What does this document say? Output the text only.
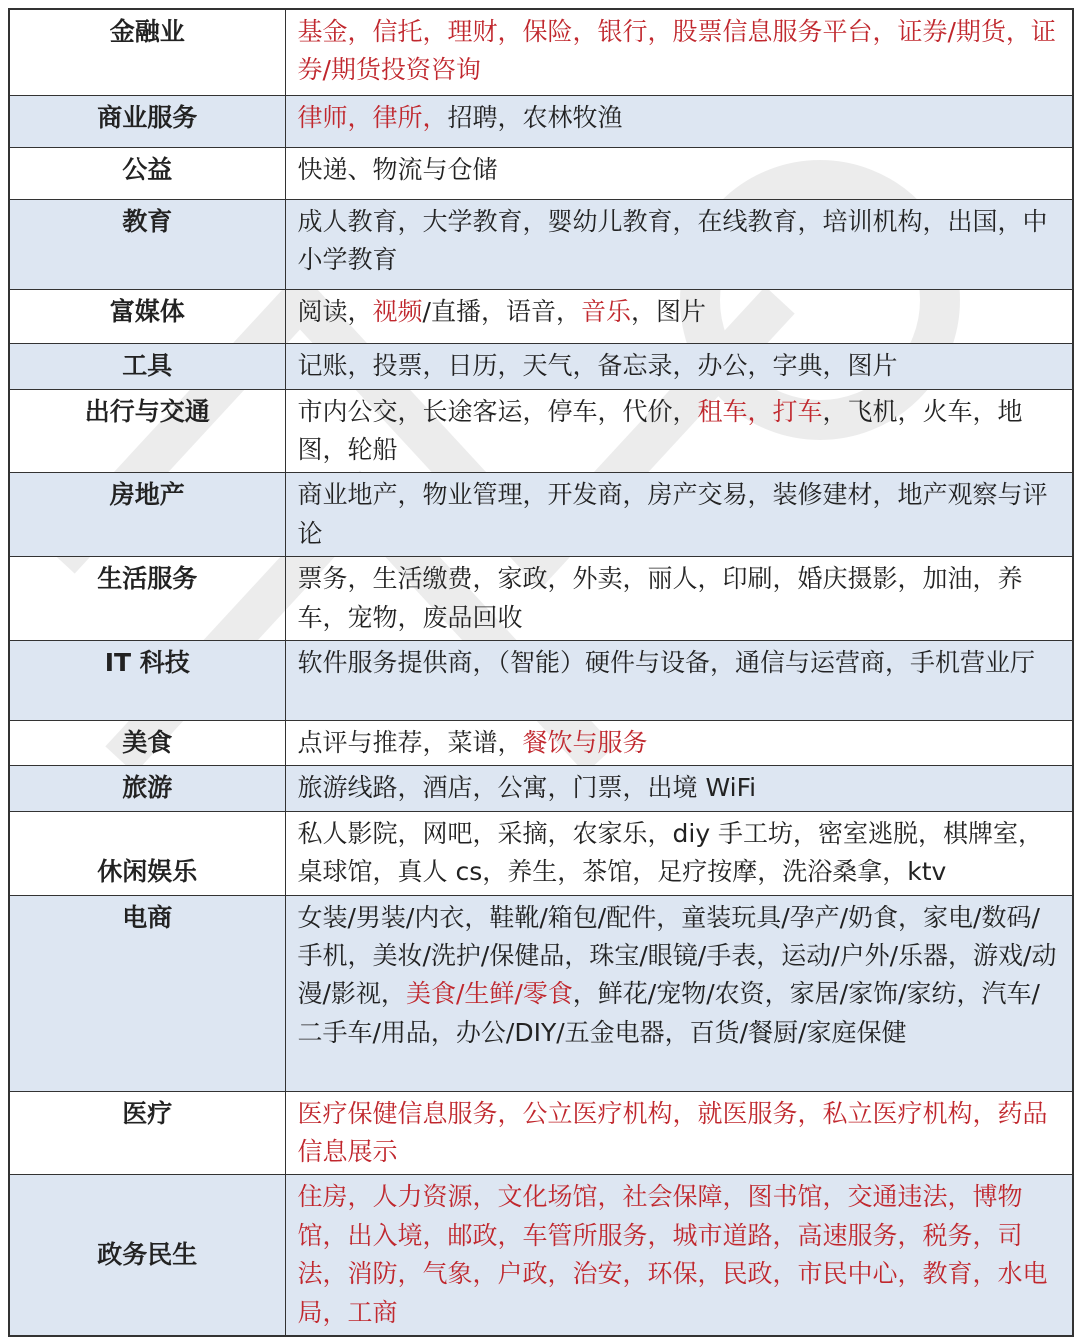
金融业	基金，信托，理财，保险，银行，股票信息服务平台，证券/期货，证券/期货投资咨询
商业服务	律师，律所，招聘，农林牧渔
公益	快递、物流与仓储
教育	成人教育，大学教育，婴幼儿教育，在线教育，培训机构，出国，中小学教育
富媒体	阅读，视频/直播，语音，音乐，图片
工具	记账，投票，日历，天气，备忘录，办公，字典，图片
出行与交通	市内公交，长途客运，停车，代价，租车，打车，飞机，火车，地图，轮船
房地产	商业地产，物业管理，开发商，房产交易，装修建材，地产观察与评论
生活服务	票务，生活缴费，家政，外卖，丽人，印刷，婚庆摄影，加油，养车，宠物，废品回收
IT 科技	软件服务提供商，（智能）硬件与设备，通信与运营商，手机营业厅
美食	点评与推荐，菜谱，餐饮与服务
旅游	旅游线路，酒店，公寓，门票，出境 WiFi
休闲娱乐	私人影院，网吧，采摘，农家乐，diy 手工坊，密室逃脱，棋牌室，桌球馆，真人 cs，养生，茶馆，足疗按摩，洗浴桑拿，ktv
电商	女装/男装/内衣，鞋靴/箱包/配件，童装玩具/孕产/奶食，家电/数码/手机，美妆/洗护/保健品，珠宝/眼镜/手表，运动/户外/乐器，游戏/动漫/影视，美食/生鲜/零食，鲜花/宠物/农资，家居/家饰/家纺，汽车/二手车/用品，办公/DIY/五金电器，百货/餐厨/家庭保健
医疗	医疗保健信息服务，公立医疗机构，就医服务，私立医疗机构，药品信息展示
政务民生	住房，人力资源，文化场馆，社会保障，图书馆，交通违法，博物馆，出入境，邮政，车管所服务，城市道路，高速服务，税务，司法，消防，气象，户政，治安，环保，民政，市民中心，教育，水电局，工商
